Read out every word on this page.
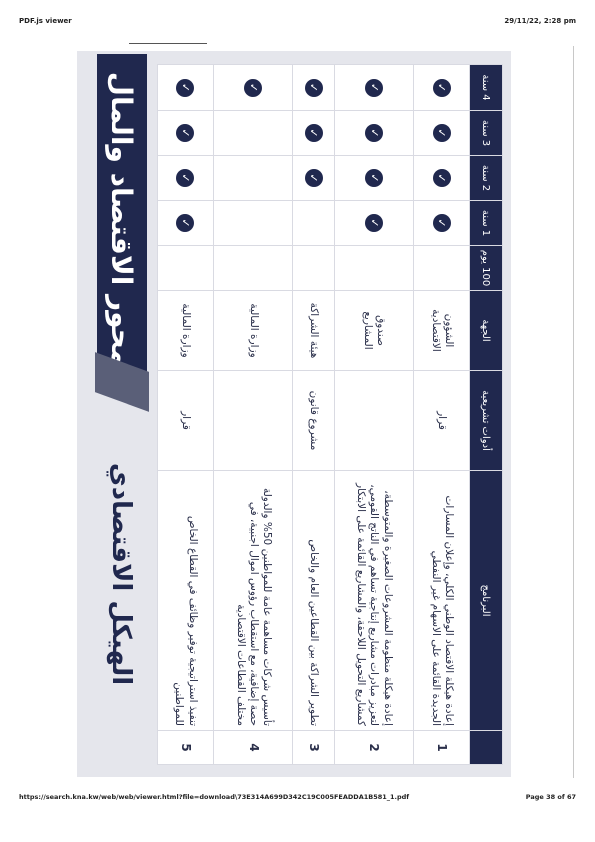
PDF.js viewer	29/11/22, 2:28 pm
	البرنامج	أدوات تشريعية	الجهة	100 يوم	1 سنة	2 سنة	3 سنة	4 سنة
1	إعادة هيكلة الاقتصاد الوطني الكلي، وإعلان المسارات الجديدة القائمة على الاسهام غير النفطي	قرار	الشؤون الاقتصادية		✓	✓	✓	✓
2	إعادة هيكلة منظومة المشروعات الصغيرة والمتوسطة، لتعزيز مبادرات مشاريع إنتاجية تساهم في الناتج القومي، كمشاريع التحويل اللاحقة، والمشاريع القائمة على الابتكار		صندوق المشاريع		✓	✓	✓	✓
3	تطوير الشراكة بين القطاعين العام والخاص	مشروع قانون	هيئة الشراكة			✓	✓	✓
4	تأسيس شركات مساهمة عامة للمواطنين 50% والدولة حصة إضافية، مع استقطاب رؤوس اموال اجنبية، في مختلف القطاعات الاقتصادية		وزارة المالية					✓
5	تنفيذ استراتيجية توفير وظائف في القطاع الخاص للمواطنين	قرار	وزارة المالية		✓	✓	✓	✓
محور الاقتصاد والمال
الهيكل الاقتصادي
https://search.kna.kw/web/web/viewer.html?file=download\73E314A699D342C19C005FEADDA1B581_1.pdf	Page 38 of 67
